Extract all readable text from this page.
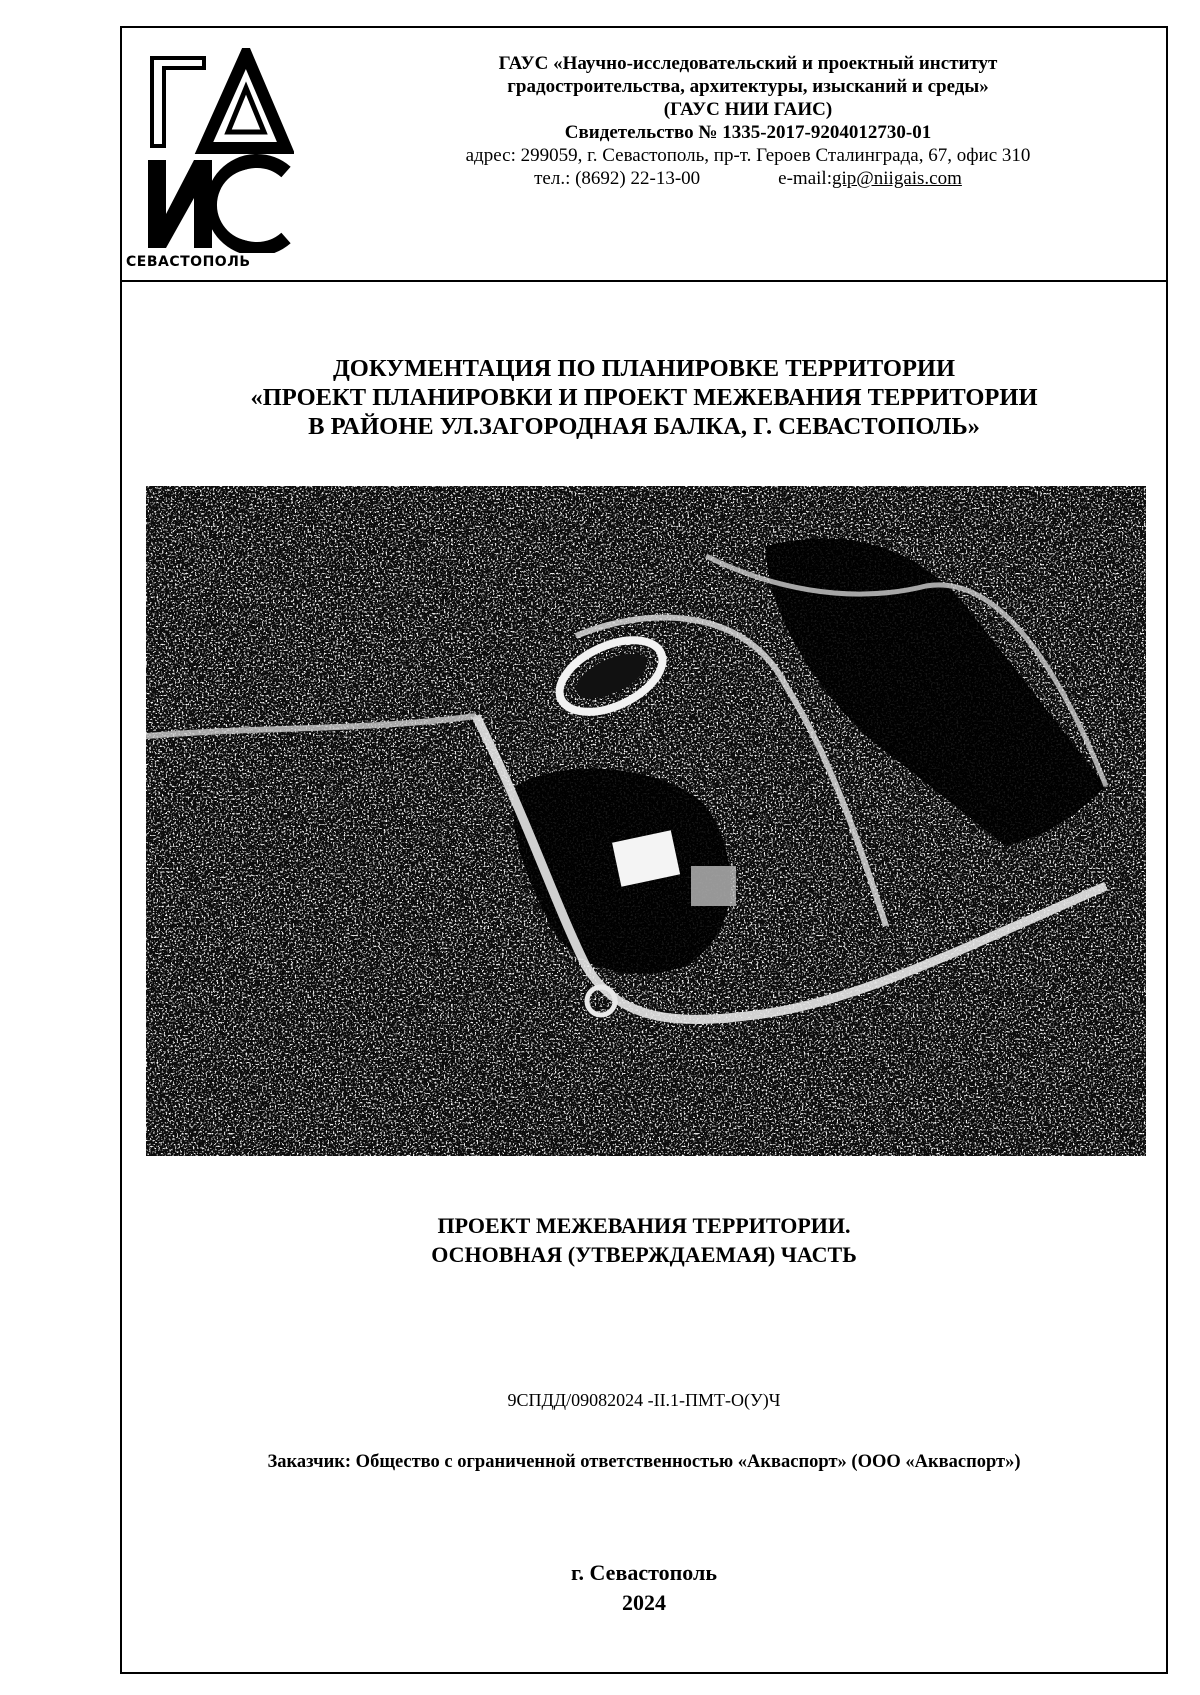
СЕВАСТОПОЛЬ
ГАУС «Научно-исследовательский и проектный институт
градостроительства, архитектуры, изысканий и среды»
(ГАУС НИИ ГАИС)
Свидетельство № 1335-2017-9204012730-01
адрес: 299059, г. Севастополь, пр-т. Героев Сталинграда, 67, офис 310
тел.: (8692) 22-13-00	e-mail:gip@niigais.com
ДОКУМЕНТАЦИЯ ПО ПЛАНИРОВКЕ ТЕРРИТОРИИ
«ПРОЕКТ ПЛАНИРОВКИ И ПРОЕКТ МЕЖЕВАНИЯ ТЕРРИТОРИИ
В РАЙОНЕ УЛ.ЗАГОРОДНАЯ БАЛКА, Г. СЕВАСТОПОЛЬ»
ПРОЕКТ МЕЖЕВАНИЯ ТЕРРИТОРИИ.
ОСНОВНАЯ (УТВЕРЖДАЕМАЯ) ЧАСТЬ
9СПДД/09082024 -II.1-ПМТ-О(У)Ч
Заказчик: Общество с ограниченной ответственностью «Акваспорт» (ООО «Акваспорт»)
г. Севастополь
2024
